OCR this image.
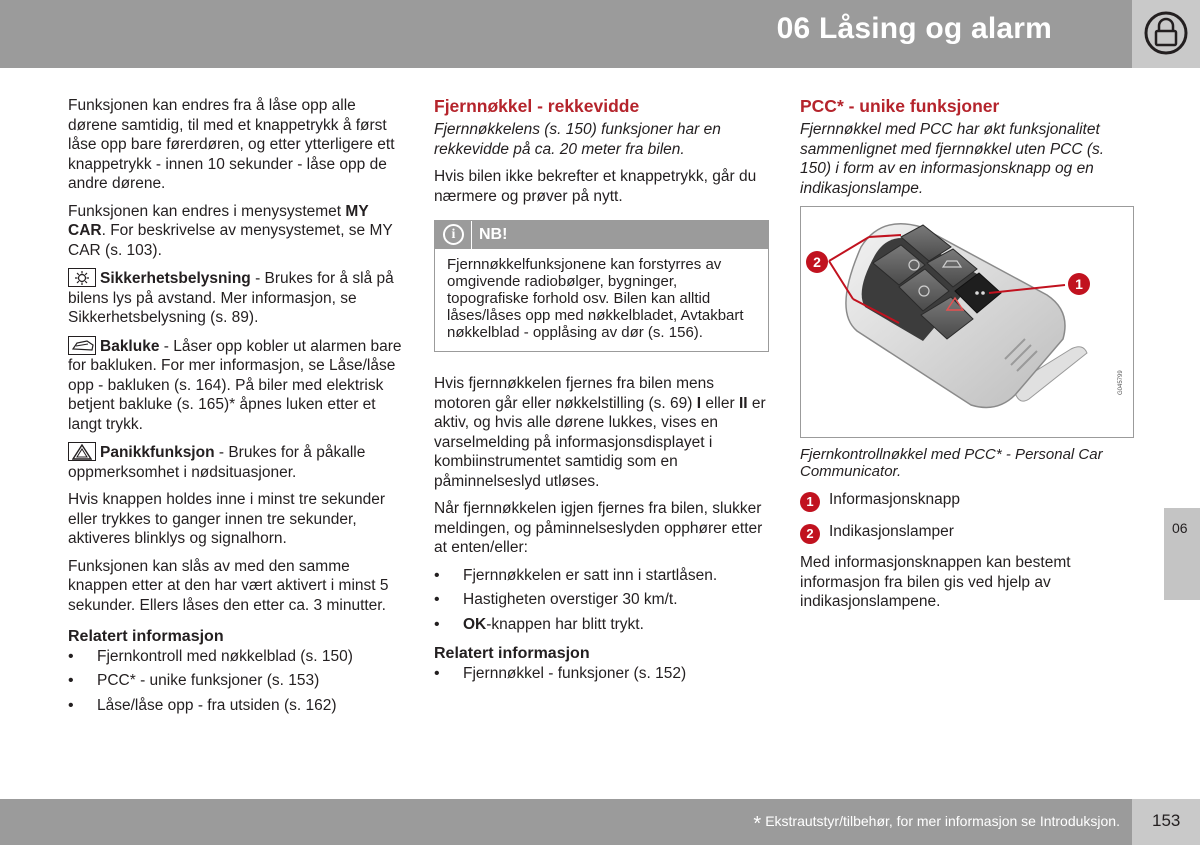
06 Låsing og alarm
06

Funksjonen kan endres fra å låse opp alle dørene samtidig, til med et knappetrykk å først låse opp bare førerdøren, og etter ytterligere ett knappetrykk - innen 10 sekunder - låse opp de andre dørene.

Funksjonen kan endres i menysystemet MY CAR. For beskrivelse av menysystemet, se MY CAR (s. 103).

Sikkerhetsbelysning - Brukes for å slå på bilens lys på avstand. Mer informasjon, se Sikkerhetsbelysning (s. 89).

Bakluke - Låser opp kobler ut alarmen bare for bakluken. For mer informasjon, se Låse/låse opp - bakluken (s. 164). På biler med elektrisk betjent bakluke (s. 165)* åpnes luken etter et langt trykk.

Panikkfunksjon - Brukes for å påkalle oppmerksomhet i nødsituasjoner.

Hvis knappen holdes inne i minst tre sekunder eller trykkes to ganger innen tre sekunder, aktiveres blinklys og signalhorn.

Funksjonen kan slås av med den samme knappen etter at den har vært aktivert i minst 5 sekunder. Ellers låses den etter ca. 3 minutter.

Relatert informasjon
• Fjernkontroll med nøkkelblad (s. 150)
• PCC* - unike funksjoner (s. 153)
• Låse/låse opp - fra utsiden (s. 162)
Fjernnøkkel - rekkevidde

Fjernnøkkelens (s. 150) funksjoner har en rekkevidde på ca. 20 meter fra bilen.

Hvis bilen ikke bekrefter et knappetrykk, går du nærmere og prøver på nytt.

i	NB!
Fjernnøkkelfunksjonene kan forstyrres av omgivende radiobølger, bygninger, topografiske forhold osv. Bilen kan alltid låses/låses opp med nøkkelbladet, Avtakbart nøkkelblad - opplåsing av dør (s. 156).

Hvis fjernnøkkelen fjernes fra bilen mens motoren går eller nøkkelstilling (s. 69) I eller II er aktiv, og hvis alle dørene lukkes, vises en varselmelding på informasjonsdisplayet i kombiinstrumentet samtidig som en påminnelseslyd utløses.

Når fjernnøkkelen igjen fjernes fra bilen, slukker meldingen, og påminnelseslyden opphører etter at enten/eller:

• Fjernnøkkelen er satt inn i startlåsen.
• Hastigheten overstiger 30 km/t.
• OK-knappen har blitt trykt.
Relatert informasjon
• Fjernnøkkel - funksjoner (s. 152)
PCC* - unike funksjoner

Fjernnøkkel med PCC har økt funksjonalitet sammenlignet med fjernnøkkel uten PCC (s. 150) i form av en informasjonsknapp og en indikasjonslampe.

2
1
G045799
Fjernkontrollnøkkel med PCC* - Personal Car Communicator.
1 Informasjonsknapp
2 Indikasjonslamper

Med informasjonsknappen kan bestemt informasjon fra bilen gis ved hjelp av indikasjonslampene.

* Ekstrautstyr/tilbehør, for mer informasjon se Introduksjon. 153
